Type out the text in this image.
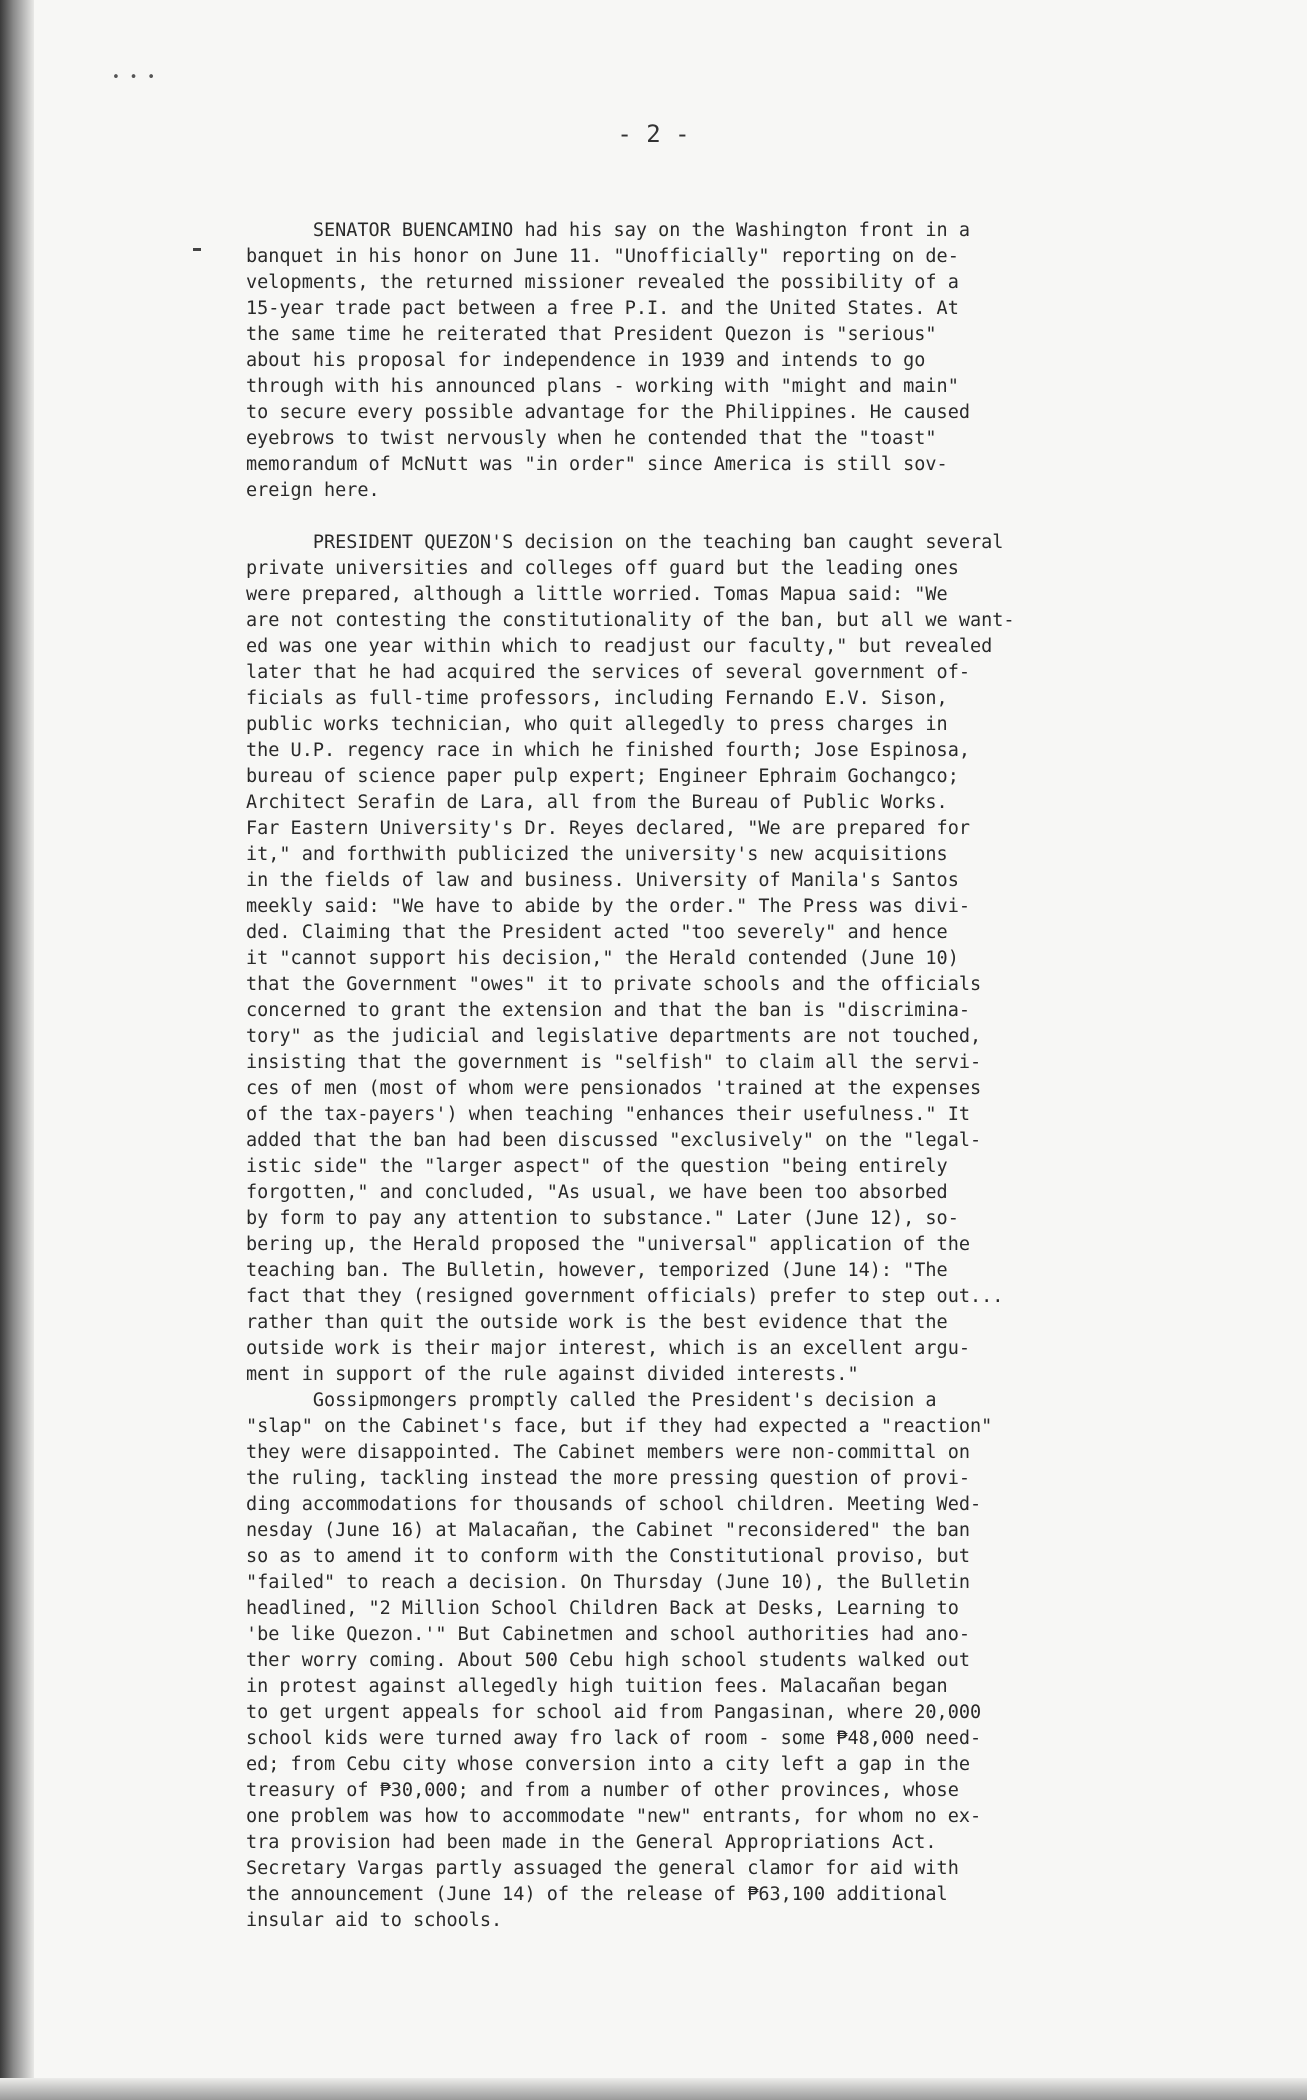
• • •
- 2 -
SENATOR BUENCAMINO had his say on the Washington front in a
banquet in his honor on June 11. "Unofficially" reporting on de-
velopments, the returned missioner revealed the possibility of a
15-year trade pact between a free P.I. and the United States. At
the same time he reiterated that President Quezon is "serious"
about his proposal for independence in 1939 and intends to go
through with his announced plans - working with "might and main"
to secure every possible advantage for the Philippines. He caused
eyebrows to twist nervously when he contended that the "toast"
memorandum of McNutt was "in order" since America is still sov-
ereign here.
PRESIDENT QUEZON'S decision on the teaching ban caught several
private universities and colleges off guard but the leading ones
were prepared, although a little worried. Tomas Mapua said: "We
are not contesting the constitutionality of the ban, but all we want-
ed was one year within which to readjust our faculty," but revealed
later that he had acquired the services of several government of-
ficials as full-time professors, including Fernando E.V. Sison,
public works technician, who quit allegedly to press charges in
the U.P. regency race in which he finished fourth; Jose Espinosa,
bureau of science paper pulp expert; Engineer Ephraim Gochangco;
Architect Serafin de Lara, all from the Bureau of Public Works.
Far Eastern University's Dr. Reyes declared, "We are prepared for
it," and forthwith publicized the university's new acquisitions
in the fields of law and business. University of Manila's Santos
meekly said: "We have to abide by the order." The Press was divi-
ded. Claiming that the President acted "too severely" and hence
it "cannot support his decision," the Herald contended (June 10)
that the Government "owes" it to private schools and the officials
concerned to grant the extension and that the ban is "discrimina-
tory" as the judicial and legislative departments are not touched,
insisting that the government is "selfish" to claim all the servi-
ces of men (most of whom were pensionados 'trained at the expenses
of the tax-payers') when teaching "enhances their usefulness." It
added that the ban had been discussed "exclusively" on the "legal-
istic side" the "larger aspect" of the question "being entirely
forgotten," and concluded, "As usual, we have been too absorbed
by form to pay any attention to substance." Later (June 12), so-
bering up, the Herald proposed the "universal" application of the
teaching ban. The Bulletin, however, temporized (June 14): "The
fact that they (resigned government officials) prefer to step out...
rather than quit the outside work is the best evidence that the
outside work is their major interest, which is an excellent argu-
ment in support of the rule against divided interests."
Gossipmongers promptly called the President's decision a
"slap" on the Cabinet's face, but if they had expected a "reaction"
they were disappointed. The Cabinet members were non-committal on
the ruling, tackling instead the more pressing question of provi-
ding accommodations for thousands of school children. Meeting Wed-
nesday (June 16) at Malacañan, the Cabinet "reconsidered" the ban
so as to amend it to conform with the Constitutional proviso, but
"failed" to reach a decision. On Thursday (June 10), the Bulletin
headlined, "2 Million School Children Back at Desks, Learning to
'be like Quezon.'" But Cabinetmen and school authorities had ano-
ther worry coming. About 500 Cebu high school students walked out
in protest against allegedly high tuition fees. Malacañan began
to get urgent appeals for school aid from Pangasinan, where 20,000
school kids were turned away fro lack of room - some ₱48,000 need-
ed; from Cebu city whose conversion into a city left a gap in the
treasury of ₱30,000; and from a number of other provinces, whose
one problem was how to accommodate "new" entrants, for whom no ex-
tra provision had been made in the General Appropriations Act.
Secretary Vargas partly assuaged the general clamor for aid with
the announcement (June 14) of the release of ₱63,100 additional
insular aid to schools.
